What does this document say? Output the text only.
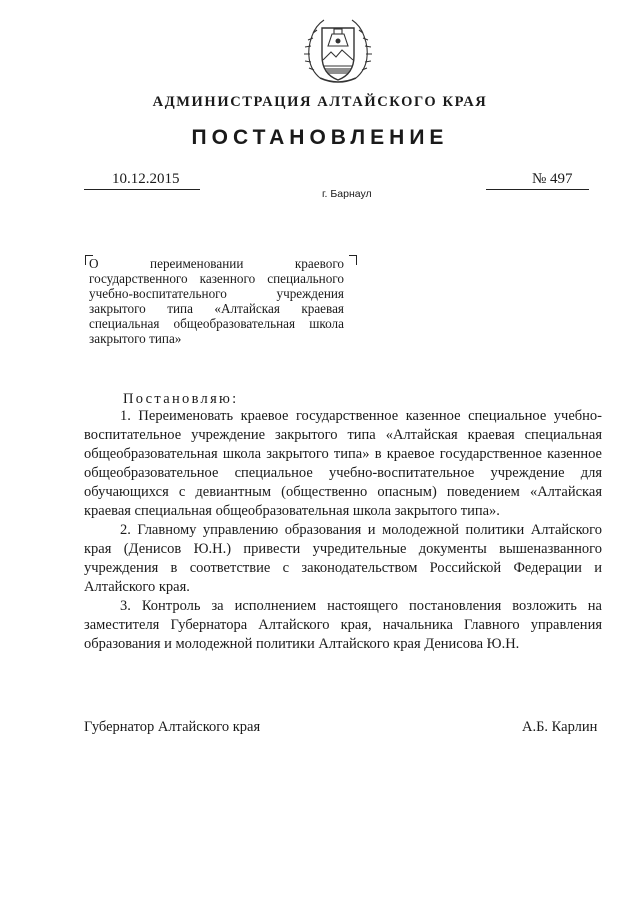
АДМИНИСТРАЦИЯ АЛТАЙСКОГО КРАЯ
ПОСТАНОВЛЕНИЕ
10.12.2015	№ 497
г. Барнаул
О переименовании краевого государственного казенного специального учебно-воспитательного учреждения закрытого типа «Алтайская краевая специальная общеобразовательная школа закрытого типа»
Постановляю:

1. Переименовать краевое государственное казенное специальное учебно-воспитательное учреждение закрытого типа «Алтайская краевая специальная общеобразовательная школа закрытого типа» в краевое государственное казенное общеобразовательное специальное учебно-воспитательное учреждение для обучающихся с девиантным (общественно опасным) поведением «Алтайская краевая специальная общеобразовательная школа закрытого типа».

2. Главному управлению образования и молодежной политики Алтайского края (Денисов Ю.Н.) привести учредительные документы вышеназванного учреждения в соответствие с законодательством Российской Федерации и Алтайского края.

3. Контроль за исполнением настоящего постановления возложить на заместителя Губернатора Алтайского края, начальника Главного управления образования и молодежной политики Алтайского края Денисова Ю.Н.

Губернатор Алтайского края	А.Б. Карлин
